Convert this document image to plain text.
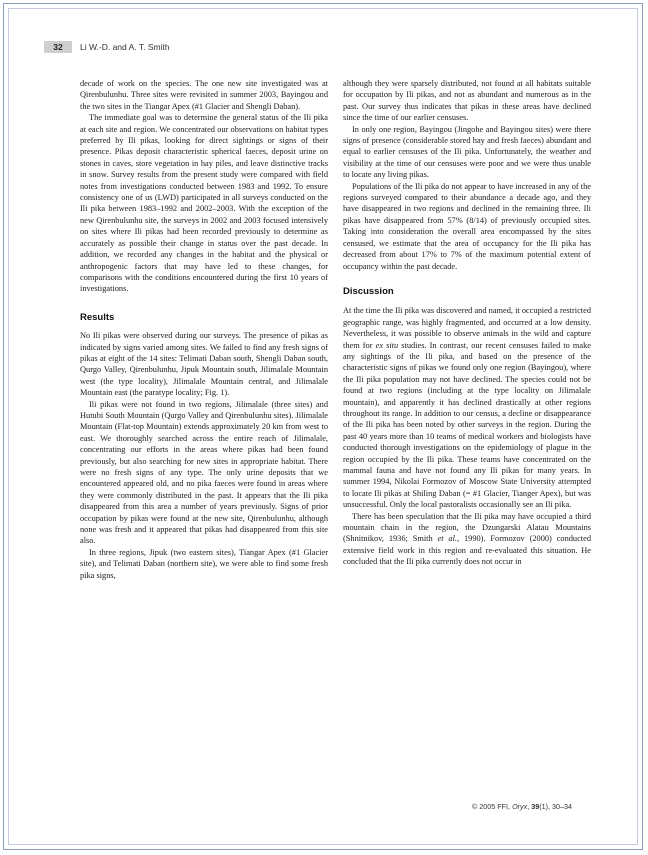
32	Li W.-D. and A. T. Smith

decade of work on the species. The one new site investigated was at Qirenbulunhu. Three sites were revisited in summer 2003, Bayingou and the two sites in the Tiangar Apex (#1 Glacier and Shengli Daban).

The immediate goal was to determine the general status of the Ili pika at each site and region. We concentrated our observations on habitat types preferred by Ili pikas, looking for direct sightings or signs of their presence. Pikas deposit characteristic spherical faeces, deposit urine on stones in caves, store vegetation in hay piles, and leave distinctive tracks in snow. Survey results from the present study were compared with field notes from investigations conducted between 1983 and 1992. To ensure consistency one of us (LWD) participated in all surveys conducted on the Ili pika between 1983–1992 and 2002–2003. With the exception of the new Qirenbulunhu site, the surveys in 2002 and 2003 focused intensively on sites where Ili pikas had been recorded previously to determine as accurately as possible their change in status over the past decade. In addition, we recorded any changes in the habitat and the physical or anthropogenic factors that may have led to these changes, for comparisons with the conditions encountered during the first 10 years of investigations.

Results

No Ili pikas were observed during our surveys. The presence of pikas as indicated by signs varied among sites. We failed to find any fresh signs of pikas at eight of the 14 sites: Telimati Daban south, Shengli Daban south, Qurgo Valley, Qirenbulunhu, Jipuk Mountain south, Jilimalale Mountain west (the type locality), Jilimalale Mountain central, and Jilimalale Mountain east (the paratype locality; Fig. 1).

Ili pikas were not found in two regions, Jilimalale (three sites) and Hutubi South Mountain (Qurgo Valley and Qirenbulunhu sites). Jilimalale Mountain (Flat-top Mountain) extends approximately 20 km from west to east. We thoroughly searched across the entire reach of Jilimalale, concentrating our efforts in the areas where pikas had been found previously, but also searching for new sites in appropriate habitat. There were no fresh signs of any type. The only urine deposits that we encountered appeared old, and no pika faeces were found in areas where they were commonly distributed in the past. It appears that the Ili pika disappeared from this area a number of years previously. Signs of prior occupation by pikas were found at the new site, Qirenbulunhu, although none was fresh and it appeared that pikas had disappeared from this site also.

In three regions, Jipuk (two eastern sites), Tiangar Apex (#1 Glacier site), and Telimati Daban (northern site), we were able to find some fresh pika signs,

although they were sparsely distributed, not found at all habitats suitable for occupation by Ili pikas, and not as abundant and numerous as in the past. Our survey thus indicates that pikas in these areas have declined since the time of our earlier censuses.

In only one region, Bayingou (Jingohe and Bayingou sites) were there signs of presence (considerable stored hay and fresh faeces) abundant and equal to earlier censuses of the Ili pika. Unfortunately, the weather and visibility at the time of our censuses were poor and we were thus unable to locate any living pikas.

Populations of the Ili pika do not appear to have increased in any of the regions surveyed compared to their abundance a decade ago, and they have disappeared in two regions and declined in the remaining three. Ili pikas have disappeared from 57% (8/14) of previously occupied sites. Taking into consideration the overall area encompassed by the sites censused, we estimate that the area of occupancy for the Ili pika has decreased from about 17% to 7% of the maximum potential extent of occupancy within the past decade.

Discussion

At the time the Ili pika was discovered and named, it occupied a restricted geographic range, was highly fragmented, and occurred at a low density. Nevertheless, it was possible to observe animals in the wild and capture them for ex situ studies. In contrast, our recent censuses failed to make any sightings of the Ili pika, and based on the presence of the characteristic signs of pikas we found only one region (Bayingou), where the Ili pika population may not have declined. The species could not be found at two regions (including at the type locality on Jilimalale mountain), and apparently it has declined drastically at other regions throughout its range. In addition to our census, a decline or disappearance of the Ili pika has been noted by other surveys in the region. During the past 40 years more than 10 teams of medical workers and biologists have conducted thorough investigations on the epidemiology of plague in the region occupied by the Ili pika. These teams have concentrated on the mammal fauna and have not found any Ili pikas for many years. In summer 1994, Nikolai Formozov of Moscow State University attempted to locate Ili pikas at Shiling Daban (= #1 Glacier, Tianger Apex), but was unsuccessful. Only the local pastoralists occasionally see an Ili pika.

There has been speculation that the Ili pika may have occupied a third mountain chain in the region, the Dzungarski Alatau Mountains (Shnitnikov, 1936; Smith et al., 1990). Formozov (2000) conducted extensive field work in this region and re-evaluated this situation. He concluded that the Ili pika currently does not occur in

© 2005 FFI, Oryx, 39(1), 30–34
